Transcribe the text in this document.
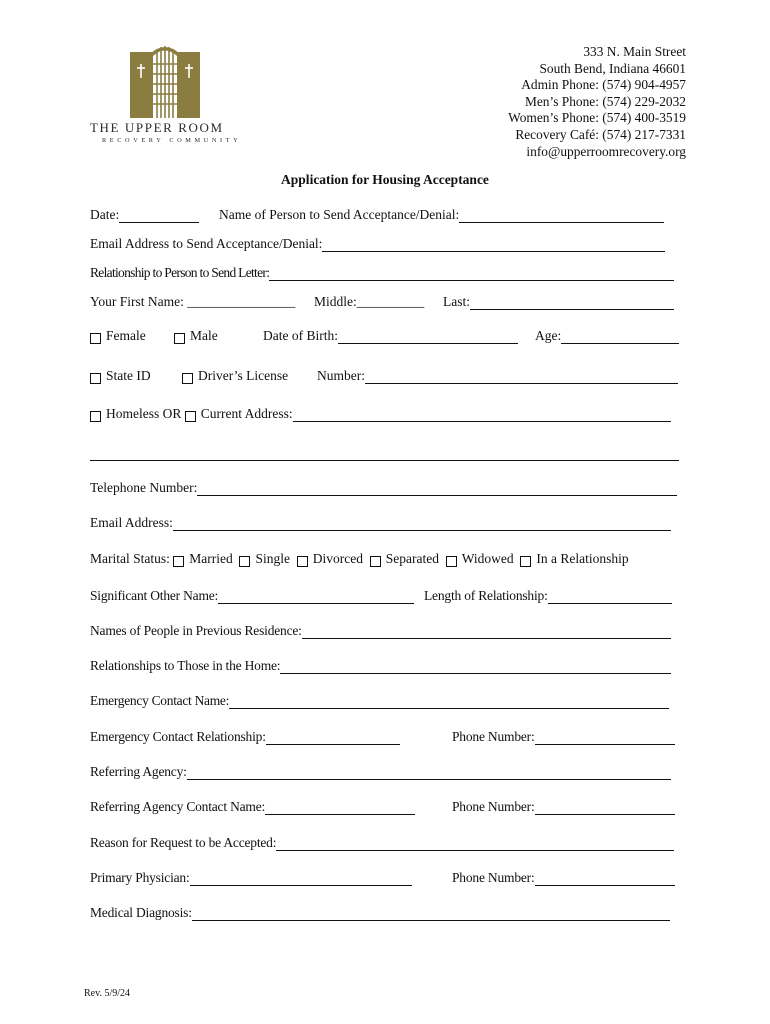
THE UPPER ROOM
RECOVERY COMMUNITY
333 N. Main Street
South Bend, Indiana 46601
Admin Phone: (574) 904-4957
Men’s Phone: (574) 229-2032
Women’s Phone: (574) 400-3519
Recovery Café: (574) 217-7331
info@upperroomrecovery.org
Application for Housing Acceptance
Date:	Name of Person to Send Acceptance/Denial:
Email Address to Send Acceptance/Denial:
Relationship to Person to Send Letter:
Your First Name: ________________ Middle:__________ Last:
Female	Male	Date of Birth:	Age:
State ID	Driver’s License Number:
Homeless
OR
Current Address:
Telephone Number:
Email Address:
Marital Status:
Married
Single
Divorced
Separated
Widowed
In a Relationship
Significant Other Name:	Length of Relationship:
Names of People in Previous Residence:
Relationships to Those in the Home:
Emergency Contact Name:
Emergency Contact Relationship:	Phone Number:
Referring Agency:
Referring Agency Contact Name:	Phone Number:
Reason for Request to be Accepted:
Primary Physician:	Phone Number:
Medical Diagnosis:
Rev. 5/9/24
